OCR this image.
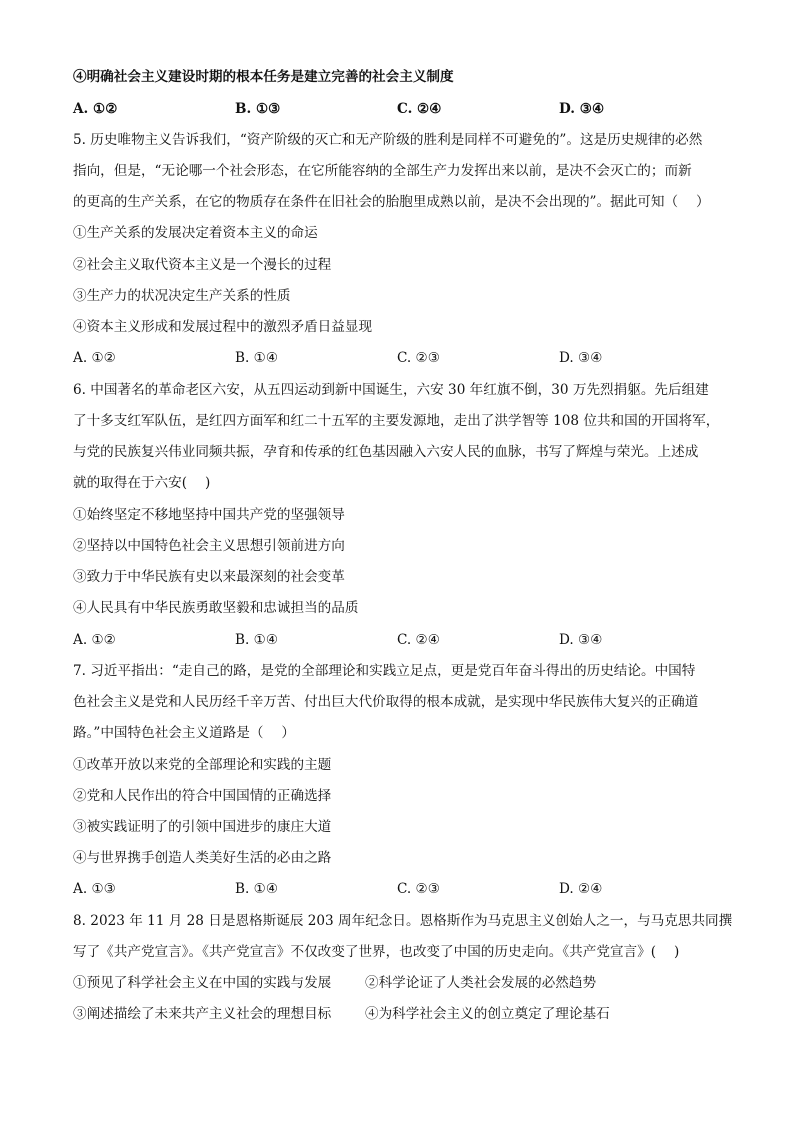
④明确社会主义建设时期的根本任务是建立完善的社会主义制度
A. ①②	B. ①③	C. ②④	D. ③④
5. 历史唯物主义告诉我们，“资产阶级的灭亡和无产阶级的胜利是同样不可避免的”。这是历史规律的必然
指向，但是，“无论哪一个社会形态，在它所能容纳的全部生产力发挥出来以前，是决不会灭亡的；而新
的更高的生产关系，在它的物质存在条件在旧社会的胎胞里成熟以前，是决不会出现的”。据此可知（　 ）
①生产关系的发展决定着资本主义的命运
②社会主义取代资本主义是一个漫长的过程
③生产力的状况决定生产关系的性质
④资本主义形成和发展过程中的激烈矛盾日益显现
A. ①②	B. ①④	C. ②③	D. ③④
6. 中国著名的革命老区六安，从五四运动到新中国诞生，六安 30 年红旗不倒，30 万先烈捐躯。先后组建
了十多支红军队伍，是红四方面军和红二十五军的主要发源地，走出了洪学智等 108 位共和国的开国将军，
与党的民族复兴伟业同频共振，孕育和传承的红色基因融入六安人民的血脉，书写了辉煌与荣光。上述成
就的取得在于六安(　 )
①始终坚定不移地坚持中国共产党的坚强领导
②坚持以中国特色社会主义思想引领前进方向
③致力于中华民族有史以来最深刻的社会变革
④人民具有中华民族勇敢坚毅和忠诚担当的品质
A. ①②	B. ①④	C. ②④	D. ③④
7. 习近平指出：“走自己的路，是党的全部理论和实践立足点，更是党百年奋斗得出的历史结论。中国特
色社会主义是党和人民历经千辛万苦、付出巨大代价取得的根本成就，是实现中华民族伟大复兴的正确道
路。”中国特色社会主义道路是（　 ）
①改革开放以来党的全部理论和实践的主题
②党和人民作出的符合中国国情的正确选择
③被实践证明了的引领中国进步的康庄大道
④与世界携手创造人类美好生活的必由之路
A. ①③	B. ①④	C. ②③	D. ②④
8. 2023 年 11 月 28 日是恩格斯诞辰 203 周年纪念日。恩格斯作为马克思主义创始人之一，与马克思共同撰
写了《共产党宣言》。《共产党宣言》不仅改变了世界，也改变了中国的历史走向。《共产党宣言》(　 )
①预见了科学社会主义在中国的实践与发展 ②科学论证了人类社会发展的必然趋势
③阐述描绘了未来共产主义社会的理想目标 ④为科学社会主义的创立奠定了理论基石
